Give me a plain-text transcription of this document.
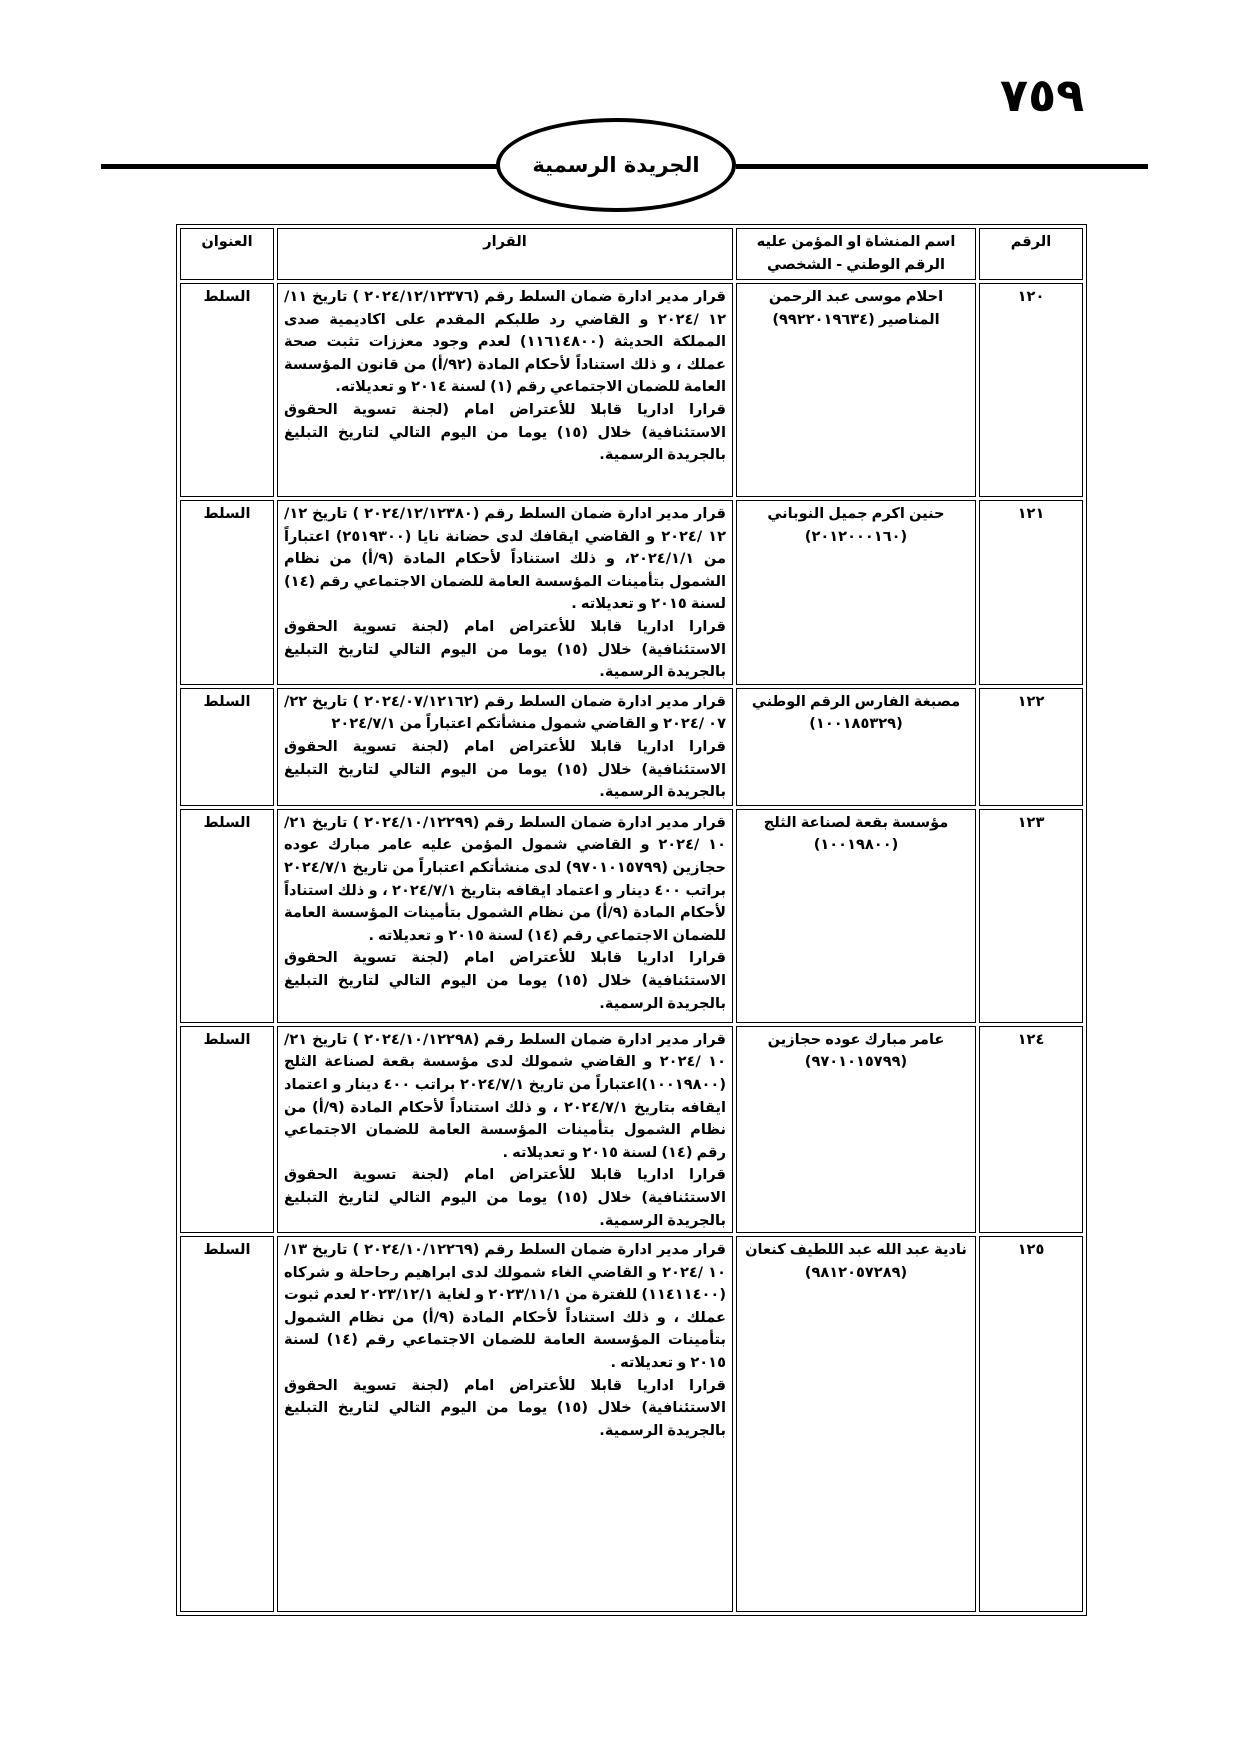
٧٥٩
الجريدة الرسمية
الرقم	اسم المنشاة او المؤمن عليه الرقم الوطني - الشخصي	القرار	العنوان
١٢٠	احلام موسى عبد الرحمن المناصير (٩٩٢٢٠١٩٦٣٤)	قرار مدير ادارة ضمان السلط رقم (٢٠٢٤/١٢/١٢٣٧٦ ) تاريخ ١١/ ١٢ /٢٠٢٤ و القاضي رد طلبكم المقدم على اكاديمية صدى المملكة الحديثة (١١٦١٤٨٠٠) لعدم وجود معززات تثبت صحة عملك ، و ذلك استناداً لأحكام المادة (٩٢/أ) من قانون المؤسسة العامة للضمان الاجتماعي رقم (١) لسنة ٢٠١٤ و تعديلاته.
قرارا اداريا قابلا للأعتراض امام (لجنة تسوية الحقوق الاستئنافية) خلال (١٥) يوما من اليوم التالي لتاريخ التبليغ بالجريدة الرسمية.	السلط
١٢١	حنين اكرم جميل النوباني (٢٠١٢٠٠٠١٦٠)	قرار مدير ادارة ضمان السلط رقم (٢٠٢٤/١٢/١٢٣٨٠ ) تاريخ ١٢/ ١٢ /٢٠٢٤ و القاضي ايقافك لدى حضانة نايا (٢٥١٩٣٠٠) اعتباراً من ٢٠٢٤/١/١، و ذلك استناداً لأحكام المادة (٩/أ) من نظام الشمول بتأمينات المؤسسة العامة للضمان الاجتماعي رقم (١٤) لسنة ٢٠١٥ و تعديلاته .
قرارا اداريا قابلا للأعتراض امام (لجنة تسوية الحقوق الاستئنافية) خلال (١٥) يوما من اليوم التالي لتاريخ التبليغ بالجريدة الرسمية.	السلط
١٢٢	مصبغة الفارس الرقم الوطني (١٠٠١٨٥٣٢٩)	قرار مدير ادارة ضمان السلط رقم (٢٠٢٤/٠٧/١٢١٦٢ ) تاريخ ٢٢/ ٠٧ /٢٠٢٤ و القاضي شمول منشأتكم اعتباراً من ٢٠٢٤/٧/١
قرارا اداريا قابلا للأعتراض امام (لجنة تسوية الحقوق الاستئنافية) خلال (١٥) يوما من اليوم التالي لتاريخ التبليغ بالجريدة الرسمية.	السلط
١٢٣	مؤسسة بقعة لصناعة الثلج (١٠٠١٩٨٠٠)	قرار مدير ادارة ضمان السلط رقم (٢٠٢٤/١٠/١٢٢٩٩ ) تاريخ ٢١/ ١٠ /٢٠٢٤ و القاضي شمول المؤمن عليه عامر مبارك عوده حجازين (٩٧٠١٠١٥٧٩٩) لدى منشأتكم اعتباراً من تاريخ ٢٠٢٤/٧/١ براتب ٤٠٠ دينار و اعتماد ايقافه بتاريخ ٢٠٢٤/٧/١ ، و ذلك استناداً لأحكام المادة (٩/أ) من نظام الشمول بتأمينات المؤسسة العامة للضمان الاجتماعي رقم (١٤) لسنة ٢٠١٥ و تعديلاته .
قرارا اداريا قابلا للأعتراض امام (لجنة تسوية الحقوق الاستئنافية) خلال (١٥) يوما من اليوم التالي لتاريخ التبليغ بالجريدة الرسمية.	السلط
١٢٤	عامر مبارك عوده حجازين (٩٧٠١٠١٥٧٩٩)	قرار مدير ادارة ضمان السلط رقم (٢٠٢٤/١٠/١٢٢٩٨ ) تاريخ ٢١/ ١٠ /٢٠٢٤ و القاضي شمولك لدى مؤسسة بقعة لصناعة الثلج (١٠٠١٩٨٠٠)اعتباراً من تاريخ ٢٠٢٤/٧/١ براتب ٤٠٠ دينار و اعتماد ايقافه بتاريخ ٢٠٢٤/٧/١ ، و ذلك استناداً لأحكام المادة (٩/أ) من نظام الشمول بتأمينات المؤسسة العامة للضمان الاجتماعي رقم (١٤) لسنة ٢٠١٥ و تعديلاته .
قرارا اداريا قابلا للأعتراض امام (لجنة تسوية الحقوق الاستئنافية) خلال (١٥) يوما من اليوم التالي لتاريخ التبليغ بالجريدة الرسمية.	السلط
١٢٥	نادية عبد الله عبد اللطيف كنعان (٩٨١٢٠٥٧٢٨٩)	قرار مدير ادارة ضمان السلط رقم (٢٠٢٤/١٠/١٢٢٦٩ ) تاريخ ١٣/ ١٠ /٢٠٢٤ و القاضي الغاء شمولك لدى ابراهيم رحاحلة و شركاه (١١٤١١٤٠٠) للفترة من ٢٠٢٣/١١/١ و لغاية ٢٠٢٣/١٢/١ لعدم ثبوت عملك ، و ذلك استناداً لأحكام المادة (٩/أ) من نظام الشمول بتأمينات المؤسسة العامة للضمان الاجتماعي رقم (١٤) لسنة ٢٠١٥ و تعديلاته .
قرارا اداريا قابلا للأعتراض امام (لجنة تسوية الحقوق الاستئنافية) خلال (١٥) يوما من اليوم التالي لتاريخ التبليغ بالجريدة الرسمية.	السلط
